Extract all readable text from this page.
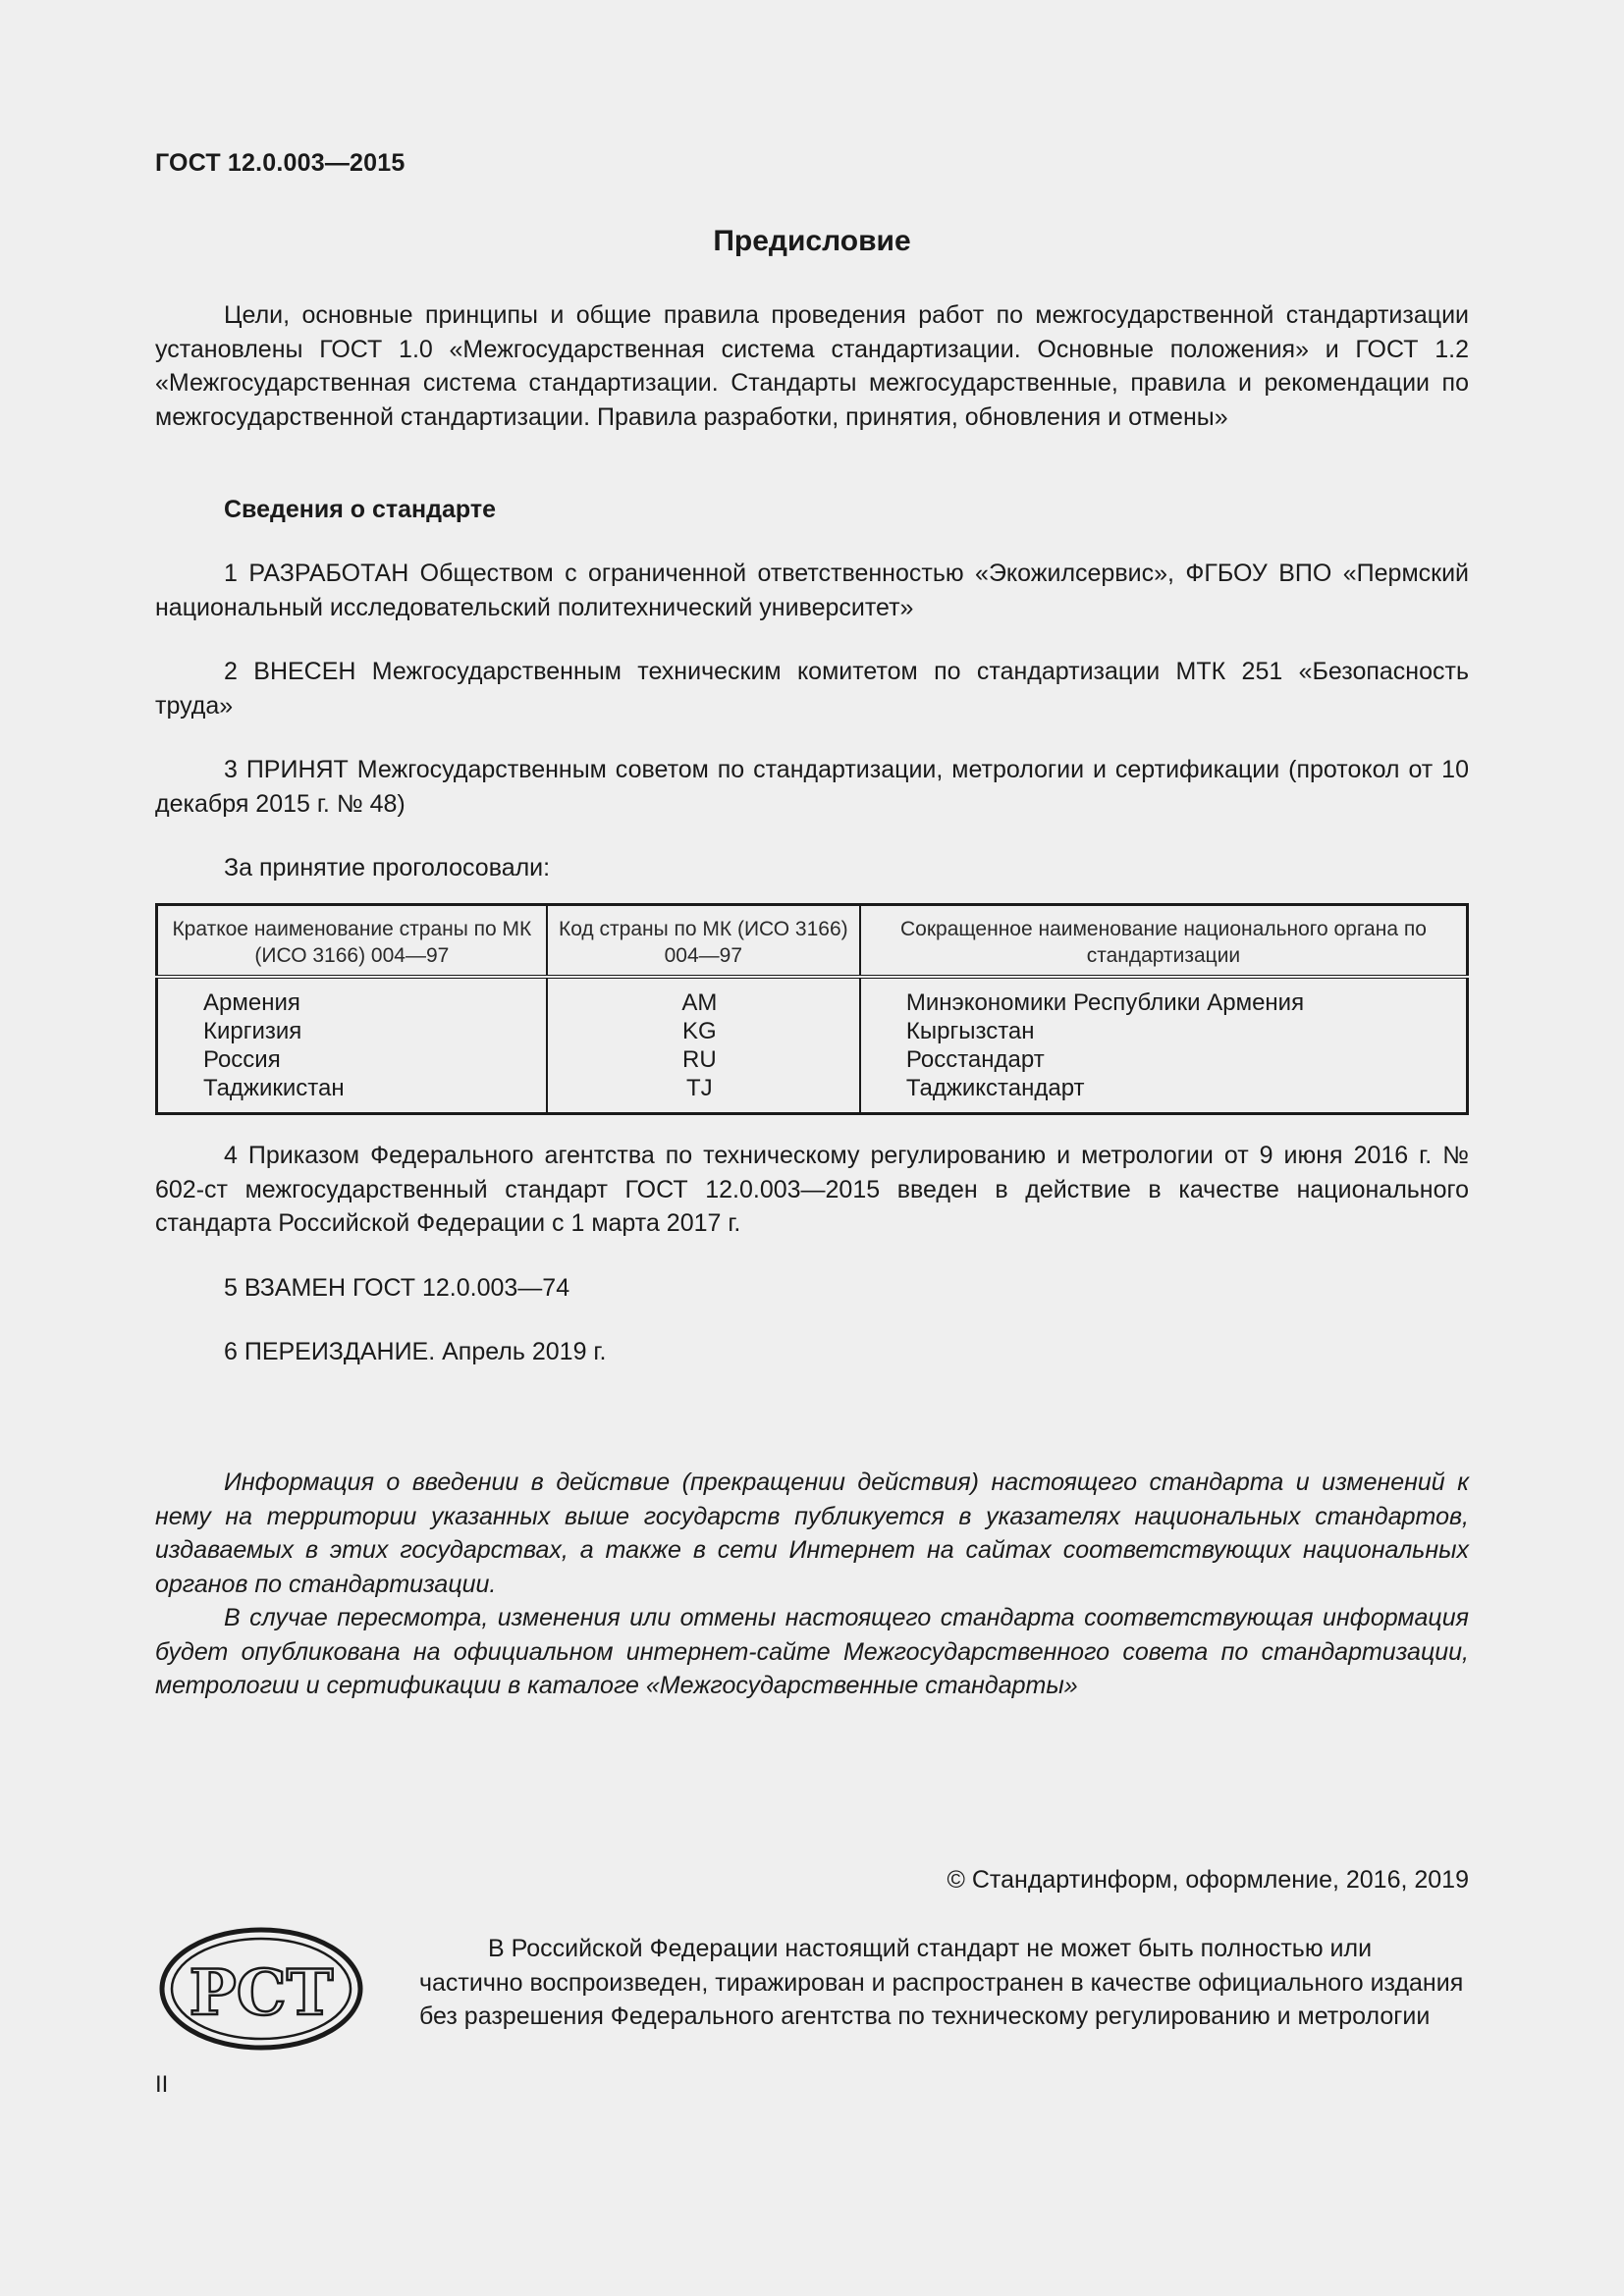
ГОСТ 12.0.003—2015
Предисловие

Цели, основные принципы и общие правила проведения работ по межгосударственной стандартизации установлены ГОСТ 1.0 «Межгосударственная система стандартизации. Основные положения» и ГОСТ 1.2 «Межгосударственная система стандартизации. Стандарты межгосударственные, правила и рекомендации по межгосударственной стандартизации. Правила разработки, принятия, обновления и отмены»

Сведения о стандарте

1 РАЗРАБОТАН Обществом с ограниченной ответственностью «Экожилсервис», ФГБОУ ВПО «Пермский национальный исследовательский политехнический университет»

2 ВНЕСЕН Межгосударственным техническим комитетом по стандартизации МТК 251 «Безопасность труда»

3 ПРИНЯТ Межгосударственным советом по стандартизации, метрологии и сертификации (протокол от 10 декабря 2015 г. № 48)

За принятие проголосовали:

Краткое наименование страны по МК (ИСО 3166) 004—97	Код страны по МК (ИСО 3166) 004—97	Сокращенное наименование национального органа по стандартизации
Армения	AM	Минэкономики Республики Армения
Киргизия	KG	Кыргызстан
Россия	RU	Росстандарт
Таджикистан	TJ	Таджикстандарт

4 Приказом Федерального агентства по техническому регулированию и метрологии от 9 июня 2016 г. № 602-ст межгосударственный стандарт ГОСТ 12.0.003—2015 введен в действие в качестве национального стандарта Российской Федерации с 1 марта 2017 г.

5 ВЗАМЕН ГОСТ 12.0.003—74

6 ПЕРЕИЗДАНИЕ. Апрель 2019 г.

Информация о введении в действие (прекращении действия) настоящего стандарта и изменений к нему на территории указанных выше государств публикуется в указателях национальных стандартов, издаваемых в этих государствах, а также в сети Интернет на сайтах соответствующих национальных органов по стандартизации.

В случае пересмотра, изменения или отмены настоящего стандарта соответствующая информация будет опубликована на официальном интернет-сайте Межгосударственного совета по стандартизации, метрологии и сертификации в каталоге «Межгосударственные стандарты»

© Стандартинформ, оформление, 2016, 2019
РСТ

В Российской Федерации настоящий стандарт не может быть полностью или частично воспроизведен, тиражирован и распространен в качестве официального издания без разрешения Федерального агентства по техническому регулированию и метрологии

II
